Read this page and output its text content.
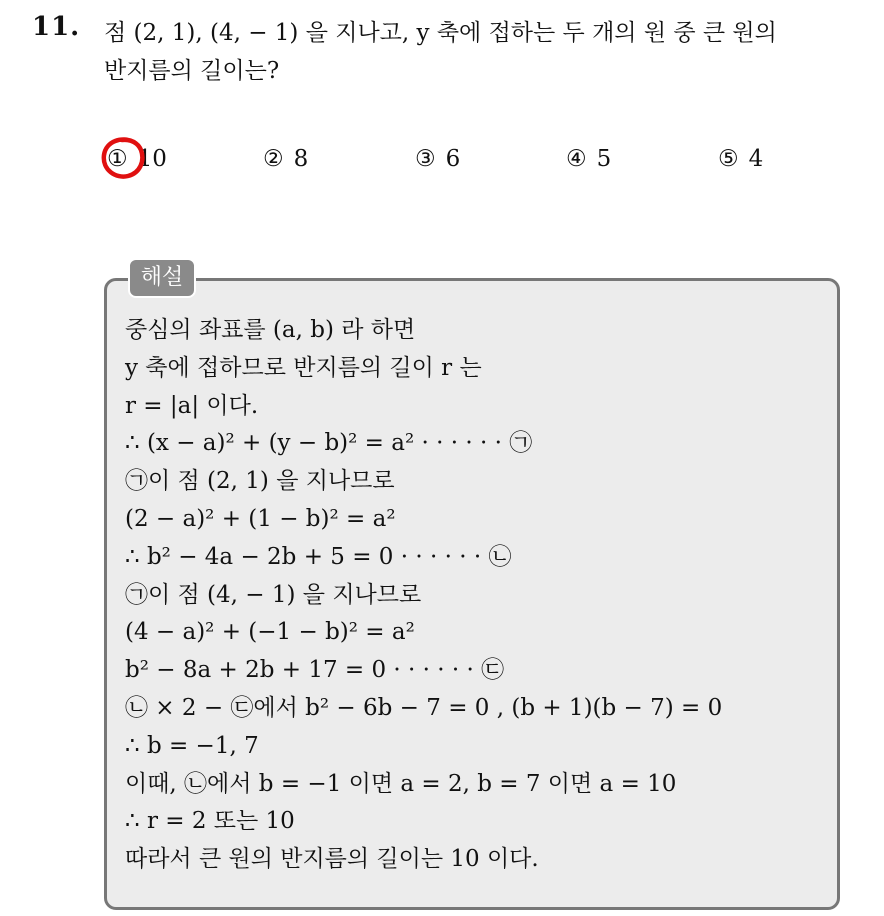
11. 점 (2, 1), (4, − 1) 을 지나고, y 축에 접하는 두 개의 원 중 큰 원의
반지름의 길이는?
① 10	② 8	③ 6	④ 5	⑤ 4
해설
중심의 좌표를 (a, b) 라 하면
y 축에 접하므로 반지름의 길이 r 는
r = |a| 이다.
∴ (x − a)² + (y − b)² = a² · · · · · · ㉠
㉠이 점 (2, 1) 을 지나므로
(2 − a)² + (1 − b)² = a²
∴ b² − 4a − 2b + 5 = 0 · · · · · · ㉡
㉠이 점 (4, − 1) 을 지나므로
(4 − a)² + (−1 − b)² = a²
b² − 8a + 2b + 17 = 0 · · · · · · ㉢
㉡ × 2 − ㉢에서 b² − 6b − 7 = 0 , (b + 1)(b − 7) = 0
∴ b = −1, 7
이때, ㉡에서 b = −1 이면 a = 2, b = 7 이면 a = 10
∴ r = 2 또는 10
따라서 큰 원의 반지름의 길이는 10 이다.
